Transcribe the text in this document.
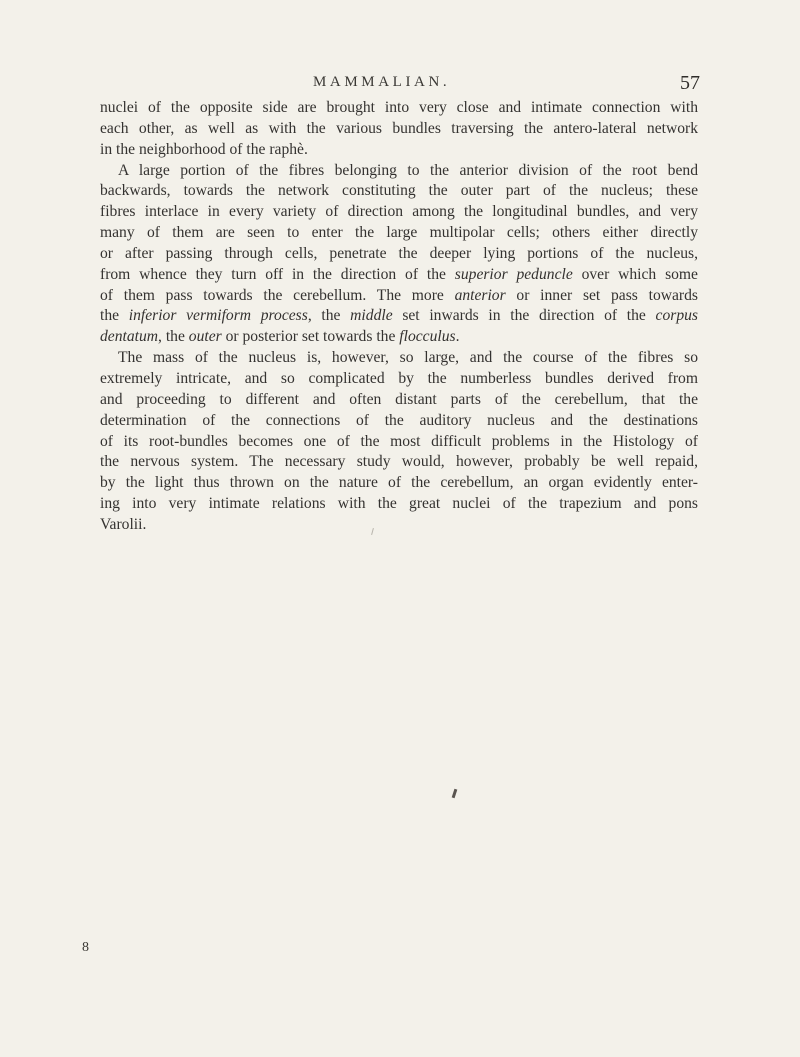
MAMMALIAN.	57

nuclei of the opposite side are brought into very close and intimate connection with

each other, as well as with the various bundles traversing the antero-lateral network

in the neighborhood of the raphè.

A large portion of the fibres belonging to the anterior division of the root bend

backwards, towards the network constituting the outer part of the nucleus; these

fibres interlace in every variety of direction among the longitudinal bundles, and very

many of them are seen to enter the large multipolar cells; others either directly

or after passing through cells, penetrate the deeper lying portions of the nucleus,

from whence they turn off in the direction of the superior peduncle over which some

of them pass towards the cerebellum. The more anterior or inner set pass towards

the inferior vermiform process, the middle set inwards in the direction of the corpus

dentatum, the outer or posterior set towards the flocculus.

The mass of the nucleus is, however, so large, and the course of the fibres so

extremely intricate, and so complicated by the numberless bundles derived from

and proceeding to different and often distant parts of the cerebellum, that the

determination of the connections of the auditory nucleus and the destinations

of its root-bundles becomes one of the most difficult problems in the Histology of

the nervous system. The necessary study would, however, probably be well repaid,

by the light thus thrown on the nature of the cerebellum, an organ evidently enter-

ing into very intimate relations with the great nuclei of the trapezium and pons

Varolii.

8
